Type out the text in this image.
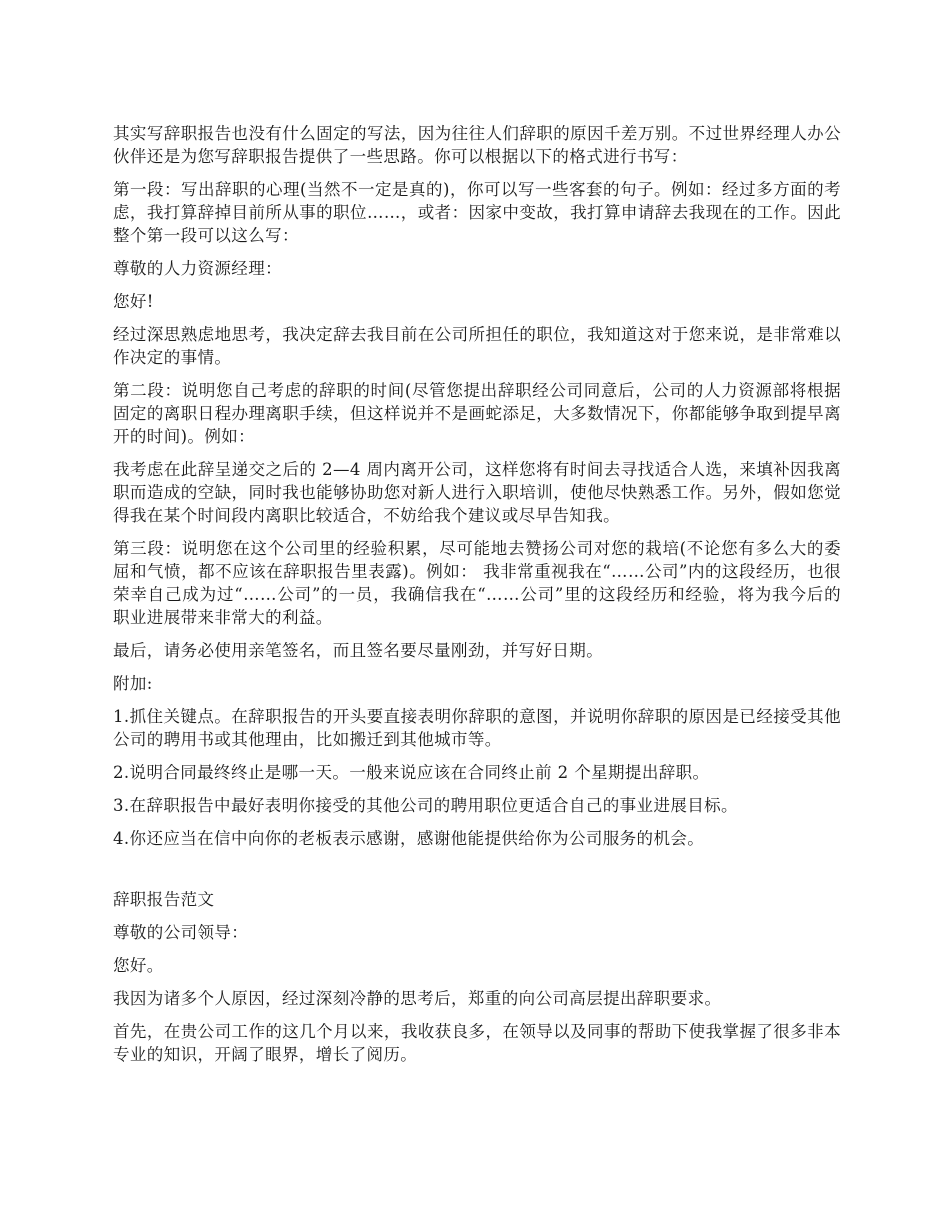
其实写辞职报告也没有什么固定的写法，因为往往人们辞职的原因千差万别。不过世界经理人办公伙伴还是为您写辞职报告提供了一些思路。你可以根据以下的格式进行书写：

第一段：写出辞职的心理(当然不一定是真的)，你可以写一些客套的句子。例如：经过多方面的考虑，我打算辞掉目前所从事的职位……，或者：因家中变故，我打算申请辞去我现在的工作。因此整个第一段可以这么写：

尊敬的人力资源经理：

您好!

经过深思熟虑地思考，我决定辞去我目前在公司所担任的职位，我知道这对于您来说，是非常难以作决定的事情。

第二段：说明您自己考虑的辞职的时间(尽管您提出辞职经公司同意后，公司的人力资源部将根据固定的离职日程办理离职手续，但这样说并不是画蛇添足，大多数情况下，你都能够争取到提早离开的时间)。例如：

我考虑在此辞呈递交之后的 2—4 周内离开公司，这样您将有时间去寻找适合人选，来填补因我离职而造成的空缺，同时我也能够协助您对新人进行入职培训，使他尽快熟悉工作。另外，假如您觉得我在某个时间段内离职比较适合，不妨给我个建议或尽早告知我。

第三段：说明您在这个公司里的经验积累，尽可能地去赞扬公司对您的栽培(不论您有多么大的委屈和气愤，都不应该在辞职报告里表露)。例如： 我非常重视我在“……公司”内的这段经历，也很荣幸自己成为过“……公司”的一员，我确信我在“……公司”里的这段经历和经验，将为我今后的职业进展带来非常大的利益。

最后，请务必使用亲笔签名，而且签名要尽量刚劲，并写好日期。

附加:

1.抓住关键点。在辞职报告的开头要直接表明你辞职的意图，并说明你辞职的原因是已经接受其他公司的聘用书或其他理由，比如搬迁到其他城市等。

2.说明合同最终终止是哪一天。一般来说应该在合同终止前 2 个星期提出辞职。

3.在辞职报告中最好表明你接受的其他公司的聘用职位更适合自己的事业进展目标。

4.你还应当在信中向你的老板表示感谢，感谢他能提供给你为公司服务的机会。

辞职报告范文

尊敬的公司领导：

您好。

我因为诸多个人原因，经过深刻冷静的思考后，郑重的向公司高层提出辞职要求。

首先，在贵公司工作的这几个月以来，我收获良多，在领导以及同事的帮助下使我掌握了很多非本专业的知识，开阔了眼界，增长了阅历。
